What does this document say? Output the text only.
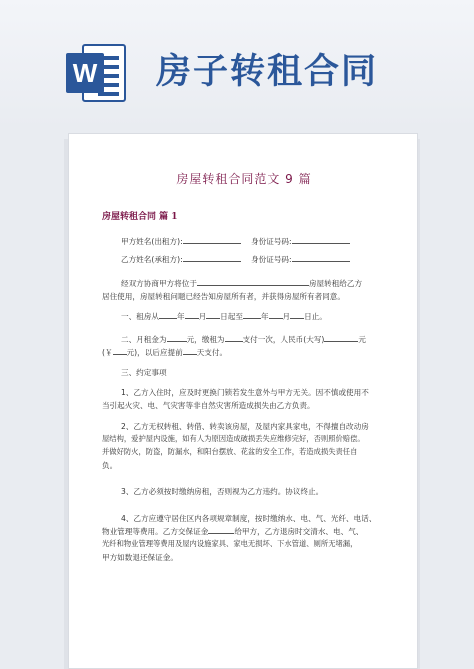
W 房子转租合同
房屋转租合同范文 9 篇
房屋转租合同 篇 1
甲方姓名(出租方):	身份证号码:
乙方姓名(承租方):	身份证号码:
经双方协商甲方将位于	房屋转租给乙方
居住使用，房屋转租问题已经告知房屋所有者，并获得房屋所有者同意。
一、租房从 年 月 日起至 年 月 日止。
二、月租金为	元，缴租为 支付一次，人民币(大写)	元
(￥ 元)，以后应提前 天支付。
三、约定事项
1、乙方入住时，应及时更换门锁若发生意外与甲方无关。因不慎或使用不
当引起火灾、电、气灾害等非自然灾害所造成损失由乙方负责。
2、乙方无权转租、转借、转卖该房屋，及屋内家具家电，不得擅自改动房
屋结构，爱护屋内设施，如有人为原因造成破损丢失应维修完好，否则照价赔偿。
并做好防火，防盗，防漏水，和阳台摆放、花盆的安全工作，若造成损失责任自
负。
3、乙方必须按时缴纳房租，否则视为乙方违约。协议终止。
4、乙方应遵守居住区内各项规章制度，按时缴纳水、电、气、光纤、电话、
物业管理等费用。乙方交保证金	给甲方，乙方退房时交清水、电、气、
光纤和物业管理等费用及屋内设施家具、家电无损坏、下水管道、厕所无堵漏，
甲方如数退还保证金。
